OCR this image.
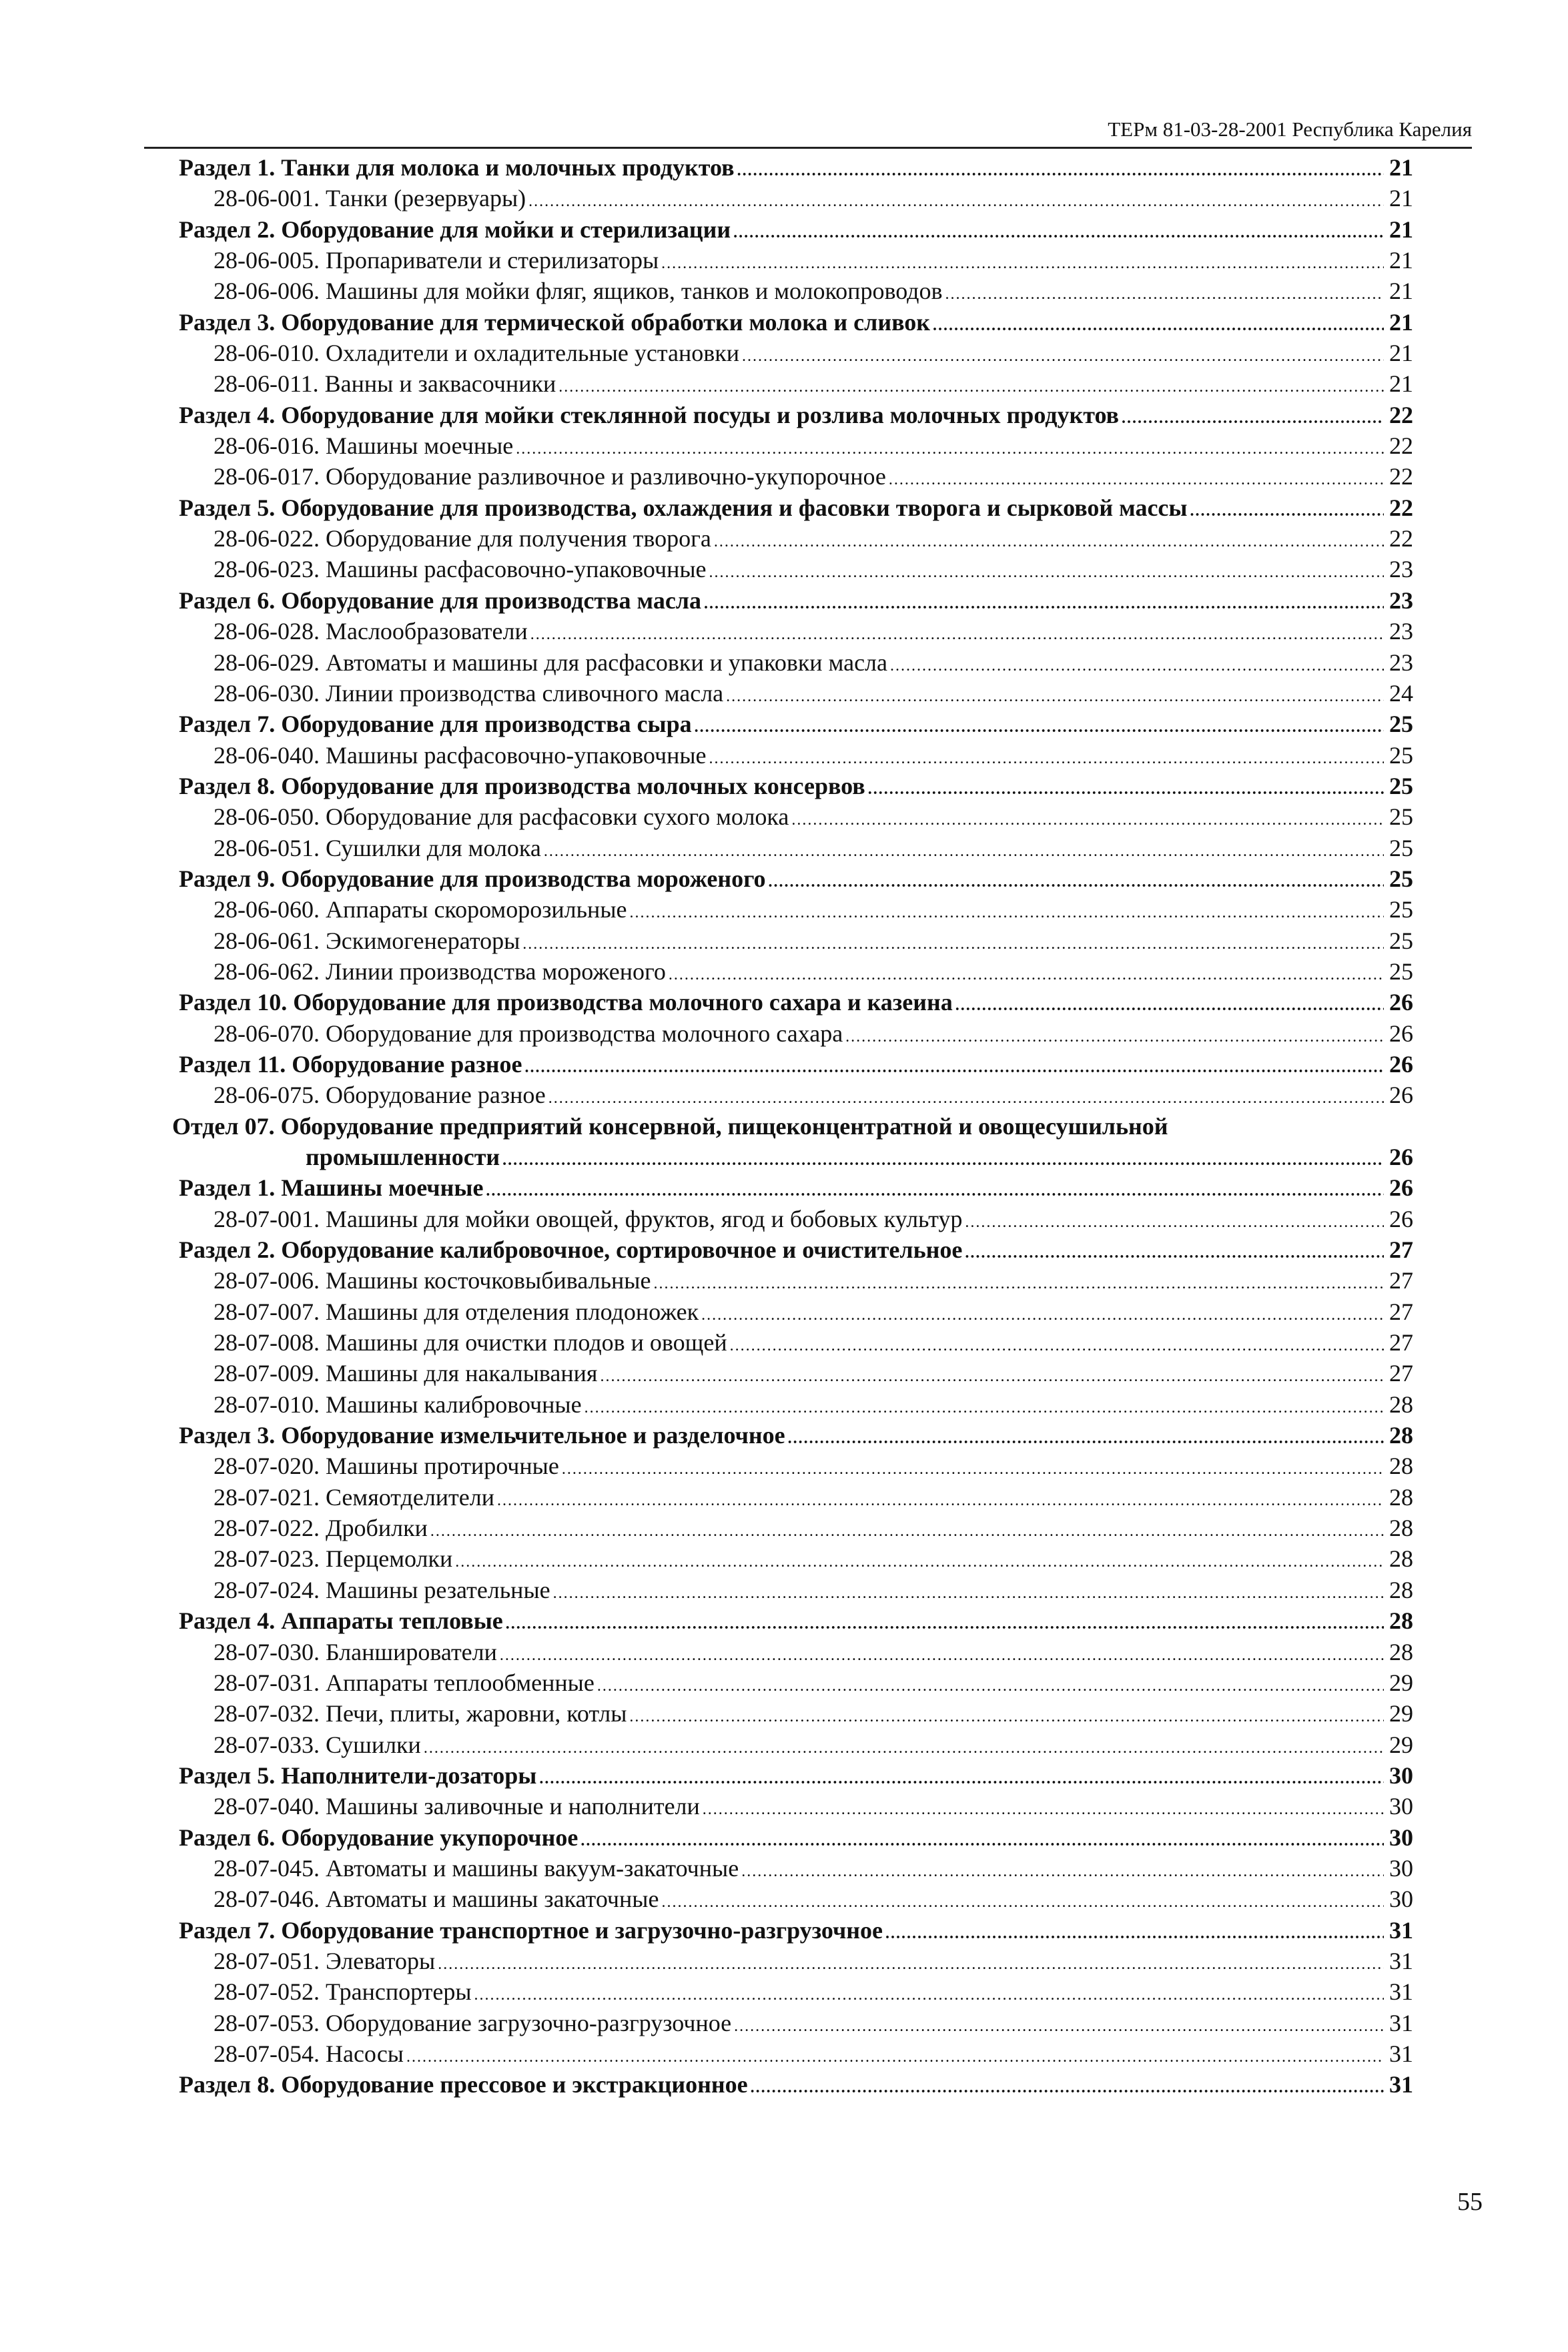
ТЕРм 81-03-28-2001 Республика Карелия
Раздел 1. Танки для молока и молочных продуктов .....	21
28-06-001. Танки (резервуары) .....	21
Раздел 2. Оборудование для мойки и стерилизации .....	21
28-06-005. Пропариватели и стерилизаторы .....	21
28-06-006. Машины для мойки фляг, ящиков, танков и молокопроводов .....	21
Раздел 3. Оборудование для термической обработки молока и сливок .....	21
28-06-010. Охладители и охладительные установки .....	21
28-06-011. Ванны и заквасочники .....	21
Раздел 4. Оборудование для мойки стеклянной посуды и розлива молочных продуктов .....	22
28-06-016. Машины моечные .....	22
28-06-017. Оборудование разливочное и разливочно-укупорочное .....	22
Раздел 5. Оборудование для производства, охлаждения и фасовки творога и сырковой массы .....	22
28-06-022. Оборудование для получения творога .....	22
28-06-023. Машины расфасовочно-упаковочные .....	23
Раздел 6. Оборудование для производства масла .....	23
28-06-028. Маслообразователи .....	23
28-06-029. Автоматы и машины для расфасовки и упаковки масла .....	23
28-06-030. Линии производства сливочного масла .....	24
Раздел 7. Оборудование для производства сыра .....	25
28-06-040. Машины расфасовочно-упаковочные .....	25
Раздел 8. Оборудование для производства молочных консервов .....	25
28-06-050. Оборудование для расфасовки сухого молока .....	25
28-06-051. Сушилки для молока .....	25
Раздел 9. Оборудование для производства мороженого .....	25
28-06-060. Аппараты скороморозильные .....	25
28-06-061. Эскимогенераторы .....	25
28-06-062. Линии производства мороженого .....	25
Раздел 10. Оборудование для производства молочного сахара и казеина .....	26
28-06-070. Оборудование для производства молочного сахара .....	26
Раздел 11. Оборудование разное .....	26
28-06-075. Оборудование разное .....	26
Отдел 07. Оборудование предприятий консервной, пищеконцентратной и овощесушильной
промышленности .....	26
Раздел 1. Машины моечные .....	26
28-07-001. Машины для мойки овощей, фруктов, ягод и бобовых культур .....	26
Раздел 2. Оборудование калибровочное, сортировочное и очистительное .....	27
28-07-006. Машины косточковыбивальные .....	27
28-07-007. Машины для отделения плодоножек .....	27
28-07-008. Машины для очистки плодов и овощей .....	27
28-07-009. Машины для накалывания .....	27
28-07-010. Машины калибровочные .....	28
Раздел 3. Оборудование измельчительное и разделочное .....	28
28-07-020. Машины протирочные .....	28
28-07-021. Семяотделители .....	28
28-07-022. Дробилки .....	28
28-07-023. Перцемолки .....	28
28-07-024. Машины резательные .....	28
Раздел 4. Аппараты тепловые .....	28
28-07-030. Бланширователи .....	28
28-07-031. Аппараты теплообменные .....	29
28-07-032. Печи, плиты, жаровни, котлы .....	29
28-07-033. Сушилки .....	29
Раздел 5. Наполнители-дозаторы .....	30
28-07-040. Машины заливочные и наполнители .....	30
Раздел 6. Оборудование укупорочное .....	30
28-07-045. Автоматы и машины вакуум-закаточные .....	30
28-07-046. Автоматы и машины закаточные .....	30
Раздел 7. Оборудование транспортное и загрузочно-разгрузочное .....	31
28-07-051. Элеваторы .....	31
28-07-052. Транспортеры .....	31
28-07-053. Оборудование загрузочно-разгрузочное .....	31
28-07-054. Насосы .....	31
Раздел 8. Оборудование прессовое и экстракционное .....	31
55
